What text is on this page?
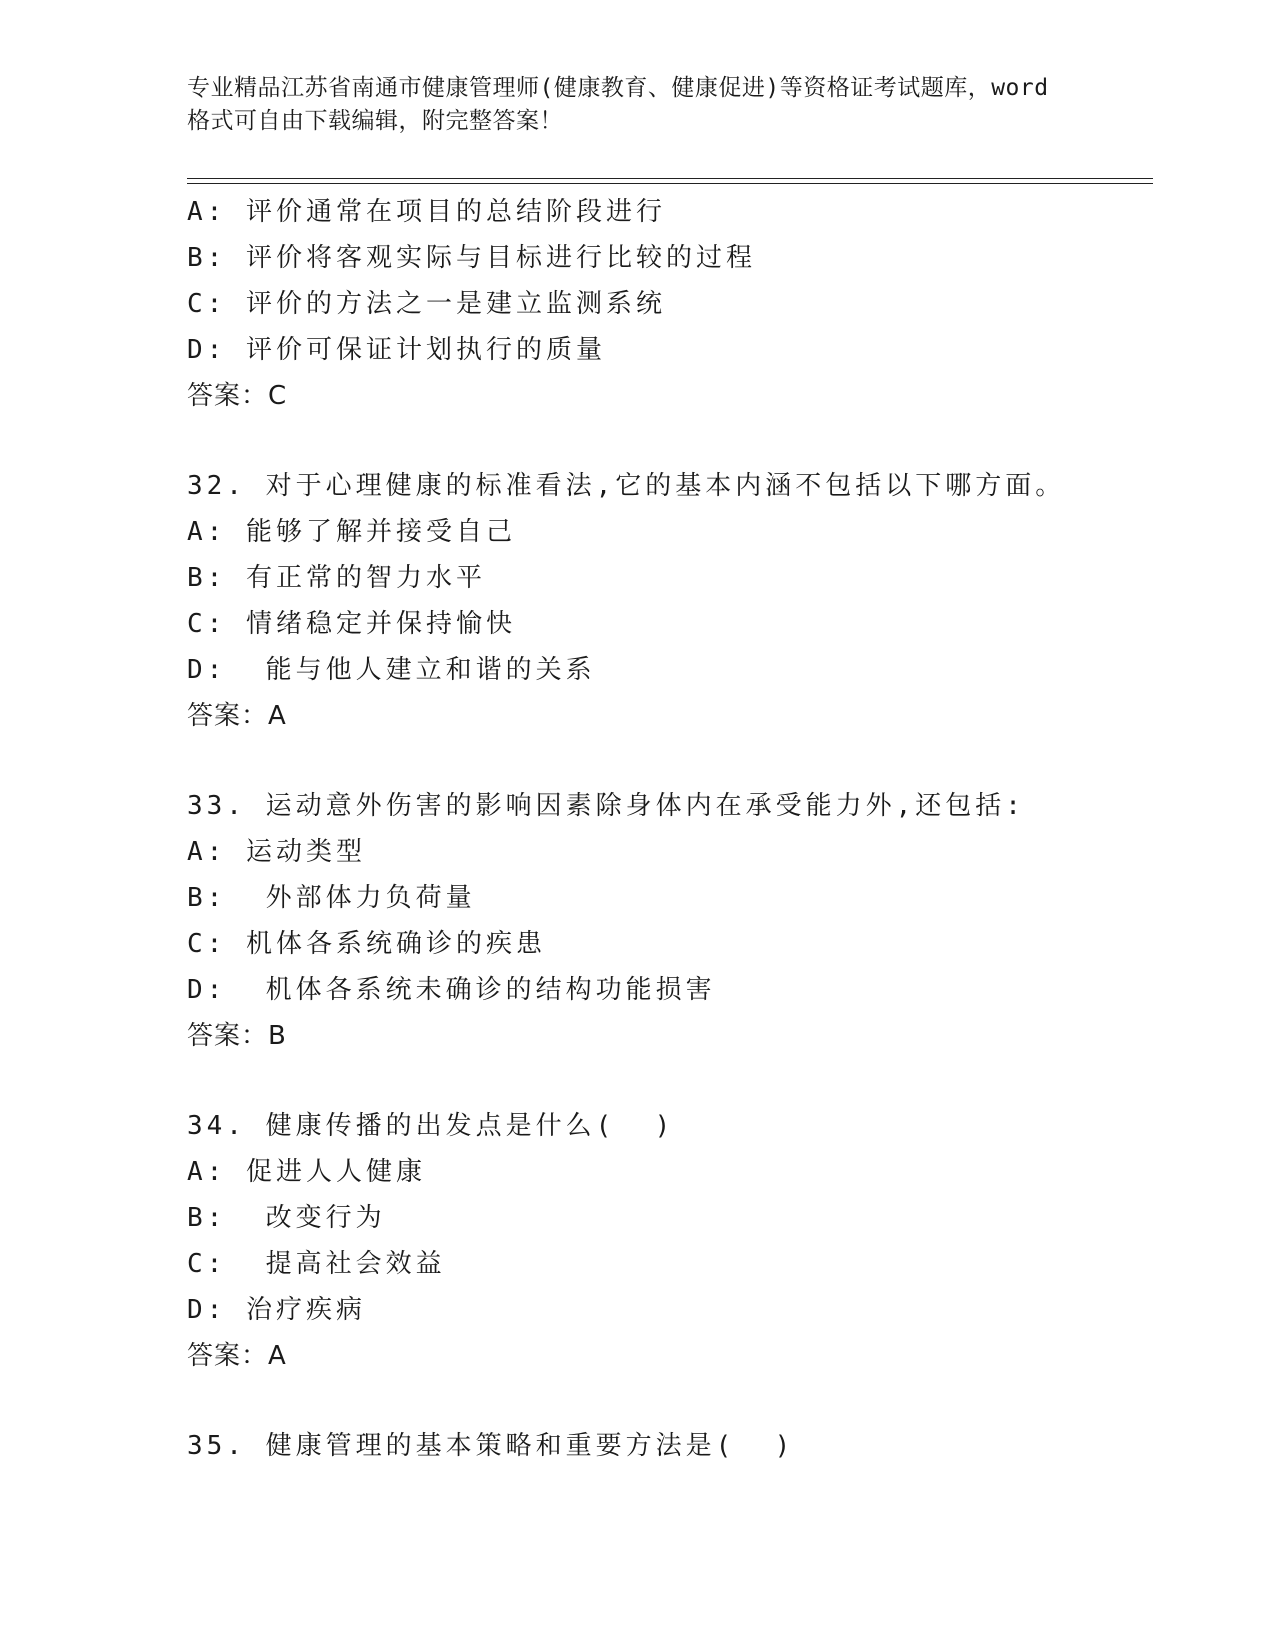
专业精品江苏省南通市健康管理师(健康教育、健康促进)等资格证考试题库，word
格式可自由下载编辑，附完整答案！
A: 评价通常在项目的总结阶段进行
B: 评价将客观实际与目标进行比较的过程
C: 评价的方法之一是建立监测系统
D: 评价可保证计划执行的质量
答案：C
32. 对于心理健康的标准看法,它的基本内涵不包括以下哪方面。
A: 能够了解并接受自己
B: 有正常的智力水平
C: 情绪稳定并保持愉快
D:  能与他人建立和谐的关系
答案：A
33. 运动意外伤害的影响因素除身体内在承受能力外,还包括:
A: 运动类型
B:  外部体力负荷量
C: 机体各系统确诊的疾患
D:  机体各系统未确诊的结构功能损害
答案：B
34. 健康传播的出发点是什么(  )
A: 促进人人健康
B:  改变行为
C:  提高社会效益
D: 治疗疾病
答案：A
35. 健康管理的基本策略和重要方法是(  )
